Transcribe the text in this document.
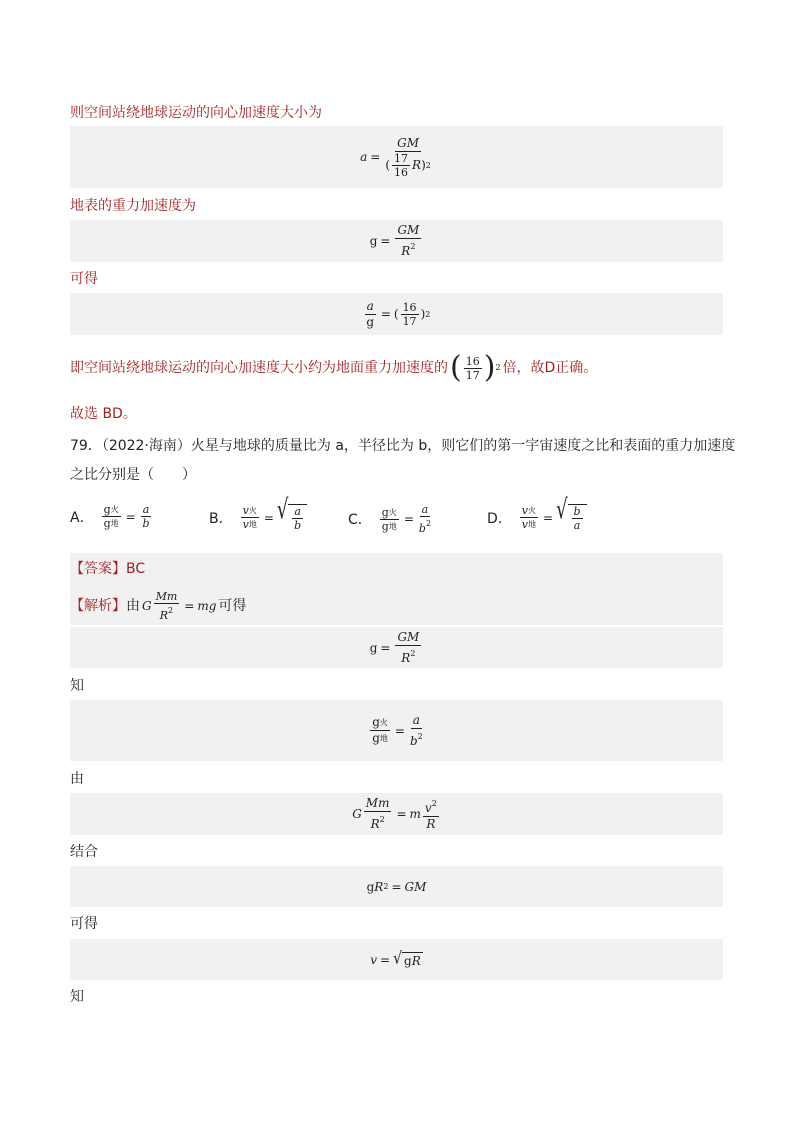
则空间站绕地球运动的向心加速度大小为
$a = \frac{GM}{( \frac{17}{16} R ) 2}$
地表的重力加速度为
$g = \frac{GM}{R^2}$
可得
$\frac{a}{g}$ = ( $\frac{16}{17}$ ) 2
即空间站绕地球运动的向心加速度大小约为地面重力加速度的 ( $\frac{16}{17}$ ) 2 倍，故D正确。
故选 BD。
79．（2022·海南）火星与地球的质量比为 a，半径比为 b，则它们的第一宇宙速度之比和表面的重力加速度
之比分别是（　　）
A． $\frac{\text{g 火}}{\text{g 地}} = \frac{a}{b}$	B． $\frac{\text{v 火}}{\text{v 地}}$ = √ $\frac{a}{b}$	C． $\frac{\text{g 火}}{\text{g 地}} = \frac{a}{b^2}$	D． $\frac{\text{v 火}}{\text{v 地}}$ = √ $\frac{b}{a}$
【答案】BC
【解析】 由 G $\frac{Mm}{R^2}$ = mg 可得
$g = \frac{GM}{R^2}$
知
$\frac{\text{g 火}}{\text{g 地}} = \frac{a}{b^2}$
由
G $\frac{Mm}{R^2} = m \frac{v^2}{R}$
结合
g R 2 = GM
可得
v = √ g R
知
